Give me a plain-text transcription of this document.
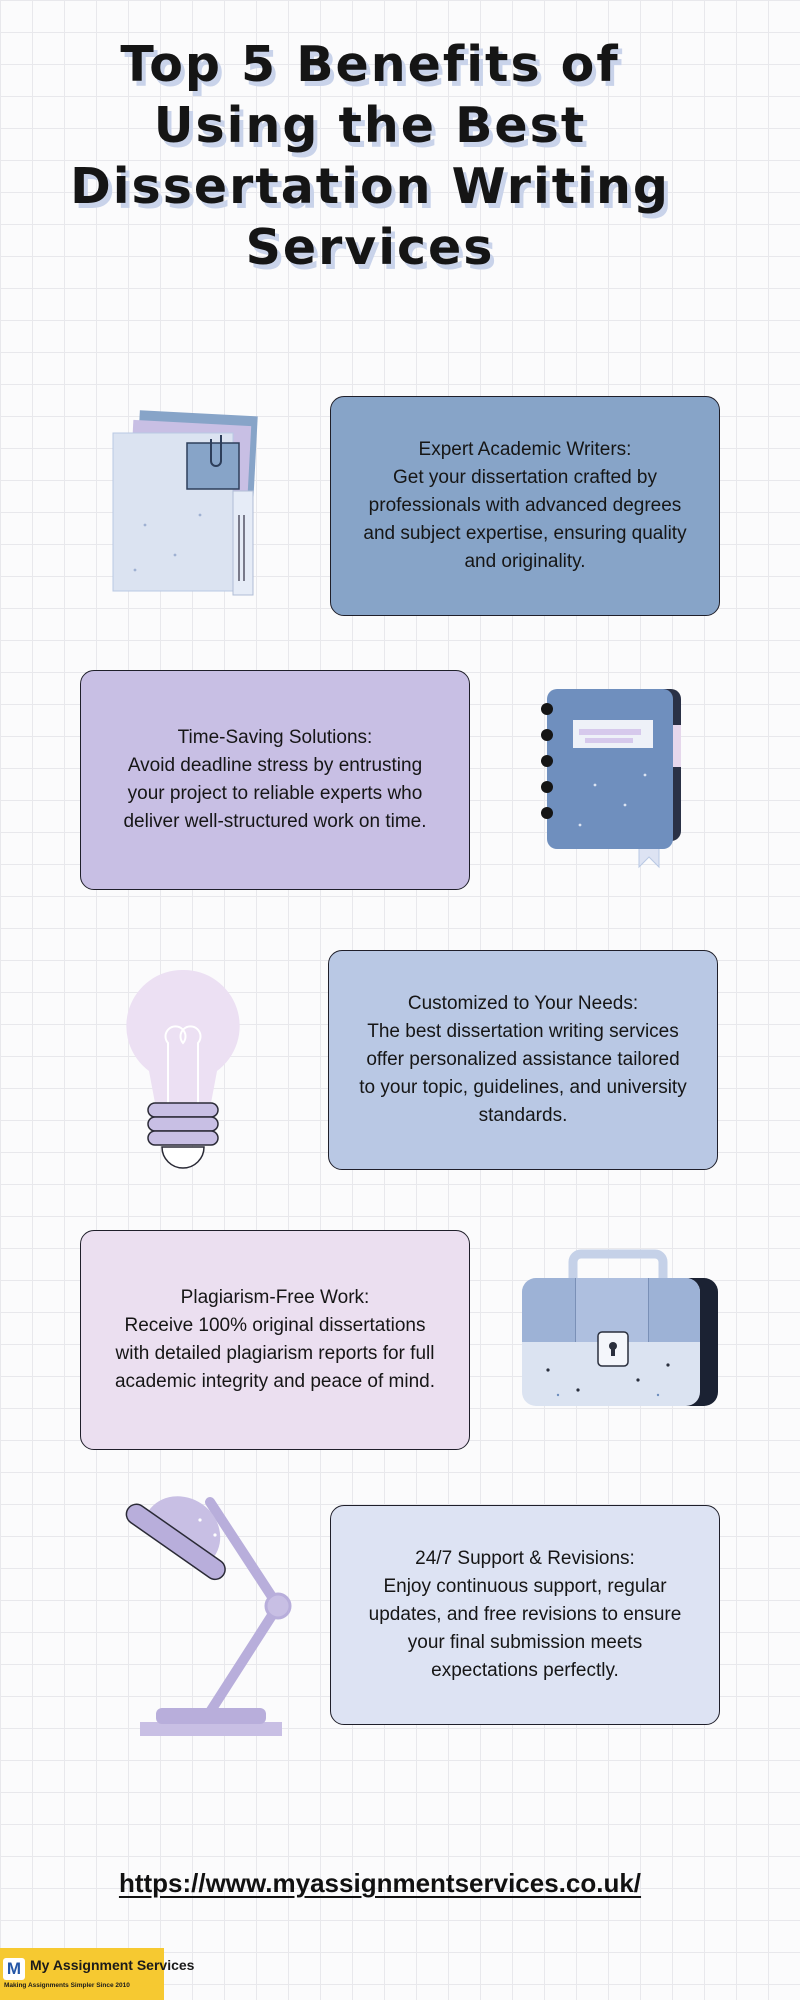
Top 5 Benefits of Using the Best Dissertation Writing Services
Expert Academic Writers:
Get your dissertation crafted by professionals with advanced degrees and subject expertise, ensuring quality and originality.
Time-Saving Solutions:
Avoid deadline stress by entrusting your project to reliable experts who deliver well-structured work on time.
Customized to Your Needs:
The best dissertation writing services offer personalized assistance tailored to your topic, guidelines, and university standards.
Plagiarism-Free Work:
Receive 100% original dissertations with detailed plagiarism reports for full academic integrity and peace of mind.
24/7 Support & Revisions:
Enjoy continuous support, regular updates, and free revisions to ensure your final submission meets expectations perfectly.
https://www.myassignmentservices.co.uk/
M My Assignment Services
Making Assignments Simpler Since 2010
